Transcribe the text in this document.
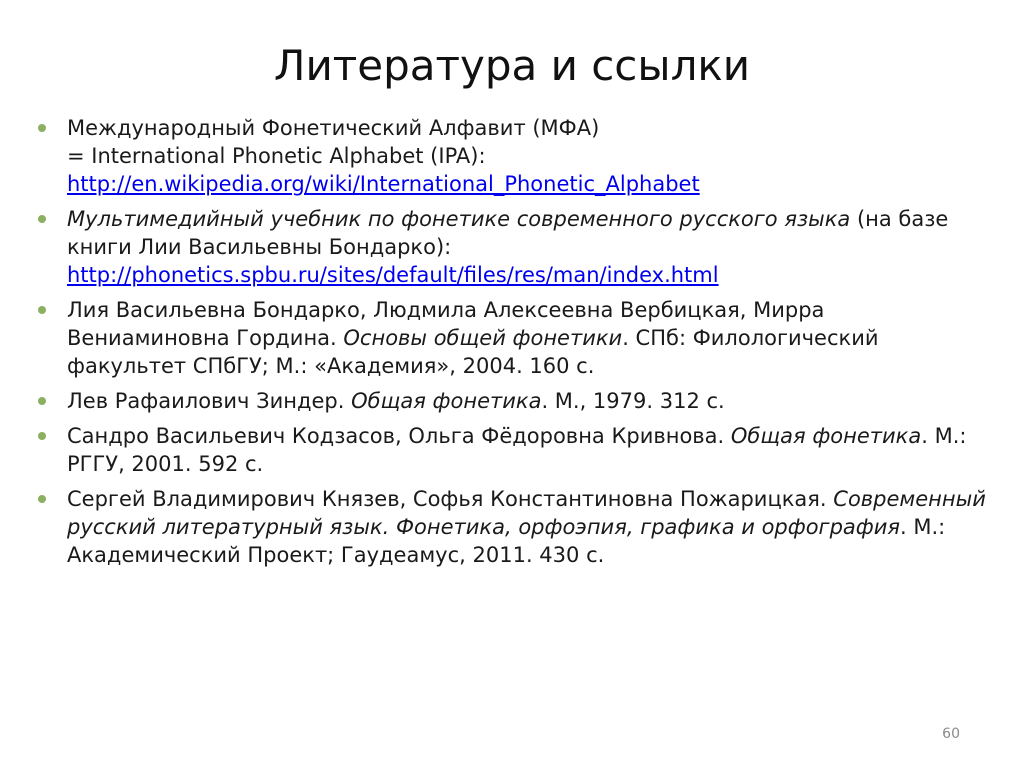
Литература и ссылки
Международный Фонетический Алфавит (МФА)
= International Phonetic Alphabet (IPA):
http://en.wikipedia.org/wiki/International_Phonetic_Alphabet
Мультимедийный учебник по фонетике современного русского языка (на базе книги Лии Васильевны Бондарко):
http://phonetics.spbu.ru/sites/default/files/res/man/index.html
Лия Васильевна Бондарко, Людмила Алексеевна Вербицкая, Мирра Вениаминовна Гордина. Основы общей фонетики. СПб: Филологический факультет СПбГУ; М.: «Академия», 2004. 160 с.
Лев Рафаилович Зиндер. Общая фонетика. М., 1979. 312 с.
Сандро Васильевич Кодзасов, Ольга Фёдоровна Кривнова. Общая фонетика. М.: РГГУ, 2001. 592 с.
Сергей Владимирович Князев, Софья Константиновна Пожарицкая. Современный русский литературный язык. Фонетика, орфоэпия, графика и орфография. М.: Академический Проект; Гаудеамус, 2011. 430 с.
60
